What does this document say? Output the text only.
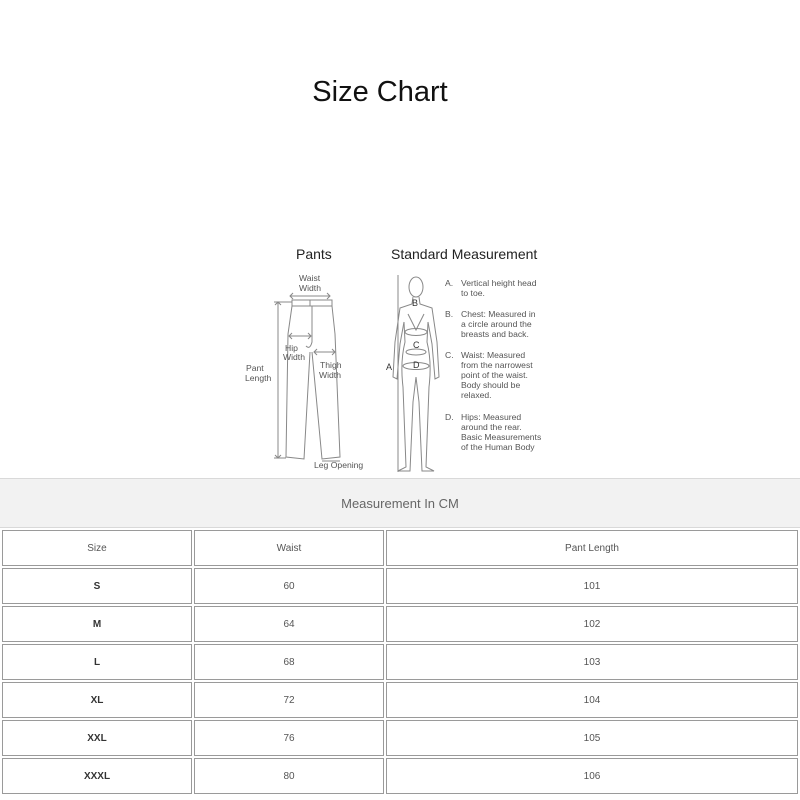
Size Chart
Pants	Standard Measurement
Waist
Width
Hip
Width
Thigh
Width
Pant
Length
Leg Opening
B
C
D
A
A. Vertical height head
to toe.
B. Chest: Measured in
a circle around the
breasts and back.
C. Waist: Measured
from the narrowest
point of the waist.
Body should be
relaxed.
D. Hips: Measured
around the rear.
Basic Measurements
of the Human Body
Measurement In CM
Size	Waist	Pant Length
S	60	101
M	64	102
L	68	103
XL	72	104
XXL	76	105
XXXL	80	106
